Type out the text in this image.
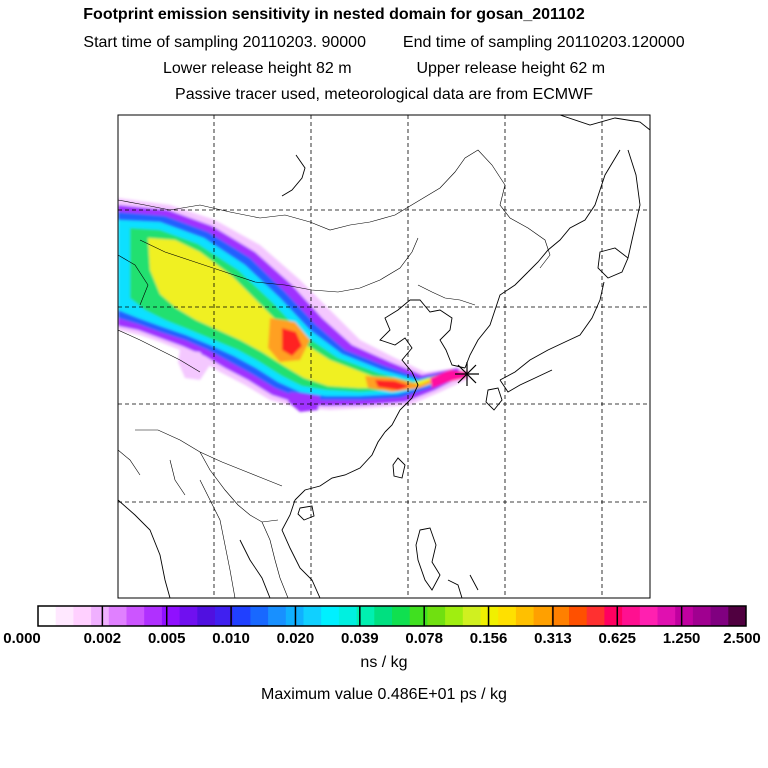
Footprint emission sensitivity in nested domain for gosan_201102
Start time of sampling 20110203. 90000 End time of sampling 20110203.120000
Lower release height 82 m	Upper release height 62 m
Passive tracer used, meteorological data are from ECMWF
0.000	0.002 0.005 0.010 0.020 0.039 0.078 0.156 0.313 0.625 1.250 2.500
ns / kg
Maximum value 0.486E+01 ps / kg
